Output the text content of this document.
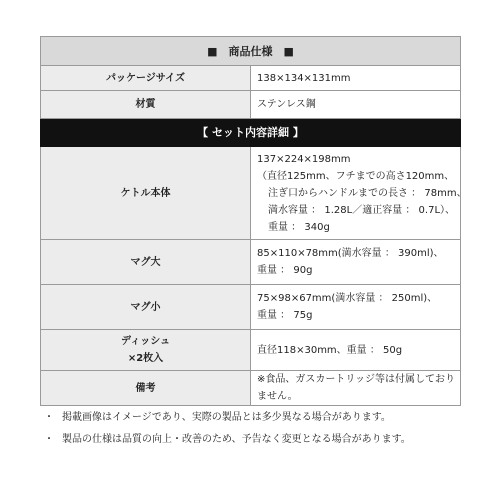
■　商品仕様　■	
パッケージサイズ	138×134×131mm
材質	ステンレス鋼
【 セット内容詳細 】	
ケトル本体	137×224×198mm
（直径125mm、フチまでの高さ120mm、
注ぎ口からハンドルまでの長さ ： 78mm、
満水容量 ： 1.28L／適正容量 ： 0.7L）、
重量 ： 340g

マグ大	85×110×78mm(満水容量 ： 390ml)、
重量 ： 90g

マグ小	75×98×67mm(満水容量 ： 250ml)、
重量 ： 75g

ディッシュ
×2枚入	直径118×30mm、重量 ： 50g
備考	※食品、ガスカートリッジ等は付属しておりません。
・ 掲載画像はイメージであり、実際の製品とは多少異なる場合があります。
・ 製品の仕様は品質の向上・改善のため、予告なく変更となる場合があります。
